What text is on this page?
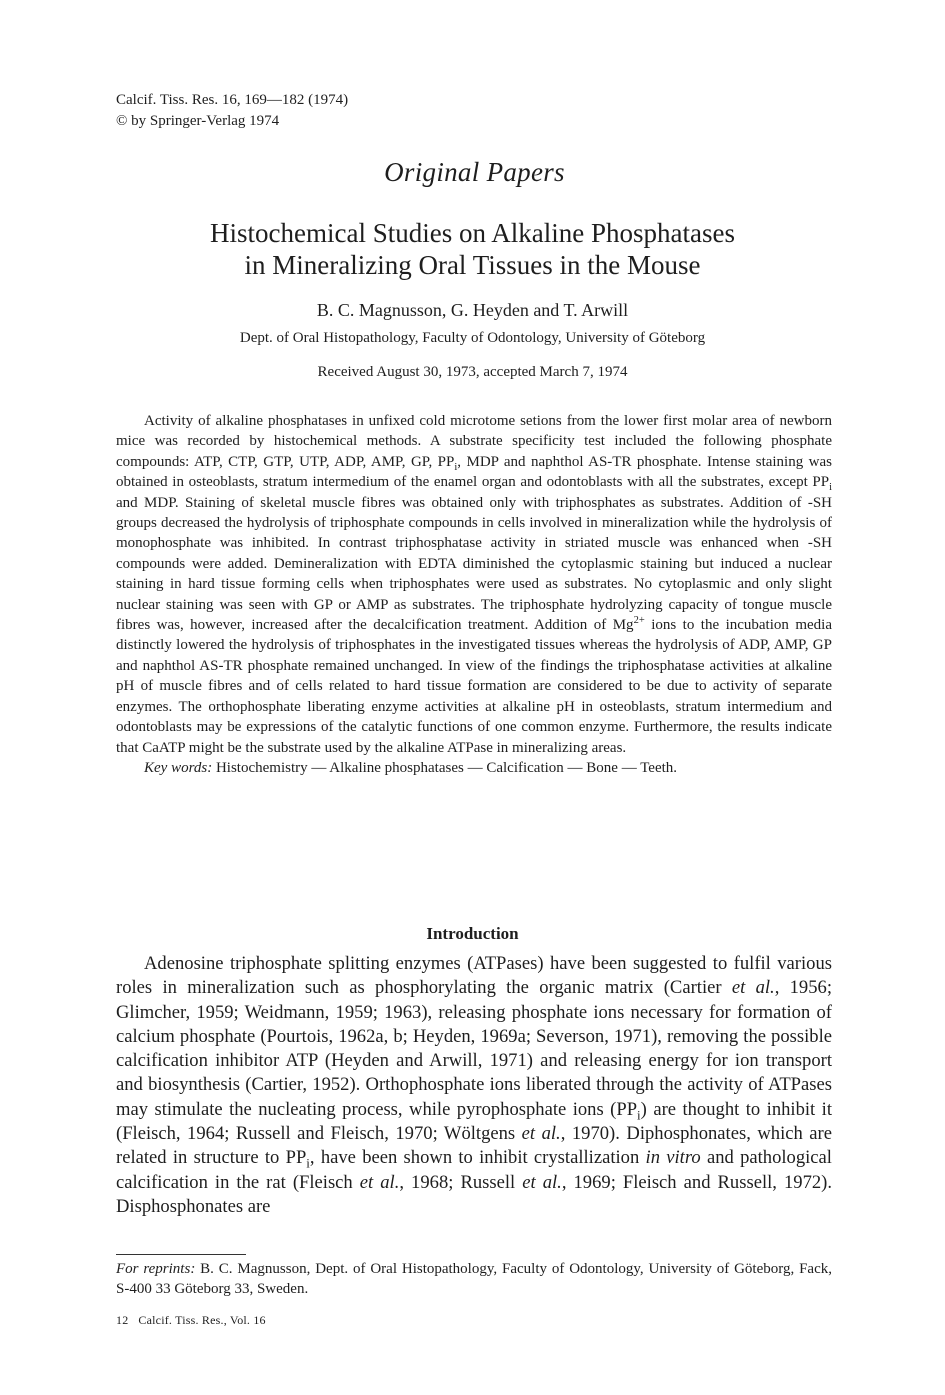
Calcif. Tiss. Res. 16, 169—182 (1974)
© by Springer-Verlag 1974
Original Papers
Histochemical Studies on Alkaline Phosphatases
in Mineralizing Oral Tissues in the Mouse
B. C. Magnusson, G. Heyden and T. Arwill
Dept. of Oral Histopathology, Faculty of Odontology, University of Göteborg
Received August 30, 1973, accepted March 7, 1974

Activity of alkaline phosphatases in unfixed cold microtome setions from the lower first molar area of newborn mice was recorded by histochemical methods. A substrate specificity test included the following phosphate compounds: ATP, CTP, GTP, UTP, ADP, AMP, GP, $PP_i$, MDP and naphthol AS-TR phosphate. Intense staining was obtained in osteoblasts, stratum intermedium of the enamel organ and odontoblasts with all the substrates, except $PP_i$ and MDP. Staining of skeletal muscle fibres was obtained only with triphosphates as substrates. Addition of -SH groups decreased the hydrolysis of triphosphate compounds in cells involved in mineralization while the hydrolysis of monophosphate was inhibited. In contrast triphosphatase activity in striated muscle was enhanced when -SH compounds were added. Demineralization with EDTA diminished the cytoplasmic staining but induced a nuclear staining in hard tissue forming cells when triphosphates were used as substrates. No cytoplasmic and only slight nuclear staining was seen with GP or AMP as substrates. The triphosphate hydrolyzing capacity of tongue muscle fibres was, however, increased after the decalcification treatment. Addition of $Mg^{2+}$ ions to the incubation media distinctly lowered the hydrolysis of triphosphates in the investigated tissues whereas the hydrolysis of ADP, AMP, GP and naphthol AS-TR phosphate remained unchanged. In view of the findings the triphosphatase activities at alkaline pH of muscle fibres and of cells related to hard tissue formation are considered to be due to activity of separate enzymes. The orthophosphate liberating enzyme activities at alkaline pH in osteoblasts, stratum intermedium and odontoblasts may be expressions of the catalytic functions of one common enzyme. Furthermore, the results indicate that CaATP might be the substrate used by the alkaline ATPase in mineralizing areas.

Key words: Histochemistry — Alkaline phosphatases — Calcification — Bone — Teeth.

Introduction

Adenosine triphosphate splitting enzymes (ATPases) have been suggested to fulfil various roles in mineralization such as phosphorylating the organic matrix (Cartier et al., 1956; Glimcher, 1959; Weidmann, 1959; 1963), releasing phosphate ions necessary for formation of calcium phosphate (Pourtois, 1962a, b; Heyden, 1969a; Severson, 1971), removing the possible calcification inhibitor ATP (Heyden and Arwill, 1971) and releasing energy for ion transport and biosynthesis (Cartier, 1952). Orthophosphate ions liberated through the activity of ATPases may stimulate the nucleating process, while pyrophosphate ions $(PP_i)$ are thought to inhibit it (Fleisch, 1964; Russell and Fleisch, 1970; Wöltgens et al., 1970). Diphosphonates, which are related in structure to $PP_i$, have been shown to inhibit crystallization in vitro and pathological calcification in the rat (Fleisch et al., 1968; Russell et al., 1969; Fleisch and Russell, 1972). Disphosphonates are

For reprints: B. C. Magnusson, Dept. of Oral Histopathology, Faculty of Odontology, University of Göteborg, Fack, S-400 33 Göteborg 33, Sweden.
12 Calcif. Tiss. Res., Vol. 16
